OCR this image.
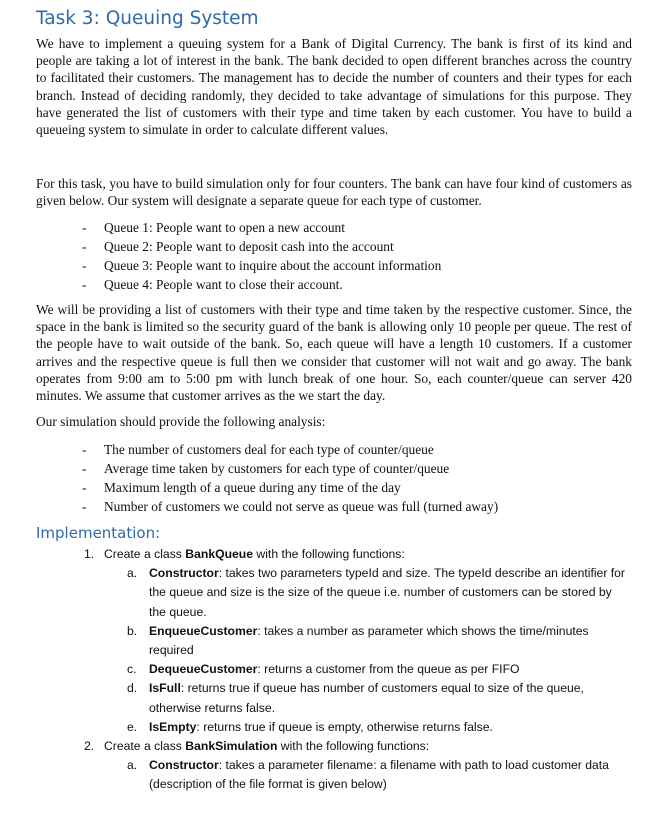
Task 3: Queuing System

We have to implement a queuing system for a Bank of Digital Currency. The bank is first of its kind and people are taking a lot of interest in the bank. The bank decided to open different branches across the country to facilitated their customers. The management has to decide the number of counters and their types for each branch. Instead of deciding randomly, they decided to take advantage of simulations for this purpose. They have generated the list of customers with their type and time taken by each customer. You have to build a queueing system to simulate in order to calculate different values.

For this task, you have to build simulation only for four counters. The bank can have four kind of customers as given below. Our system will designate a separate queue for each type of customer.

- Queue 1: People want to open a new account
- Queue 2: People want to deposit cash into the account
- Queue 3: People want to inquire about the account information
- Queue 4: People want to close their account.

We will be providing a list of customers with their type and time taken by the respective customer. Since, the space in the bank is limited so the security guard of the bank is allowing only 10 people per queue. The rest of the people have to wait outside of the bank. So, each queue will have a length 10 customers. If a customer arrives and the respective queue is full then we consider that customer will not wait and go away. The bank operates from 9:00 am to 5:00 pm with lunch break of one hour. So, each counter/queue can server 420 minutes. We assume that customer arrives as the we start the day.

Our simulation should provide the following analysis:

- The number of customers deal for each type of counter/queue
- Average time taken by customers for each type of counter/queue
- Maximum length of a queue during any time of the day
- Number of customers we could not serve as queue was full (turned away)
Implementation:
1. Create a class BankQueue with the following functions:
a. Constructor: takes two parameters typeId and size. The typeId describe an identifier for the queue and size is the size of the queue i.e. number of customers can be stored by the queue.
b. EnqueueCustomer: takes a number as parameter which shows the time/minutes required
c. DequeueCustomer: returns a customer from the queue as per FIFO
d. IsFull: returns true if queue has number of customers equal to size of the queue, otherwise returns false.
e. IsEmpty: returns true if queue is empty, otherwise returns false.
2. Create a class BankSimulation with the following functions:
a. Constructor: takes a parameter filename: a filename with path to load customer data (description of the file format is given below)
